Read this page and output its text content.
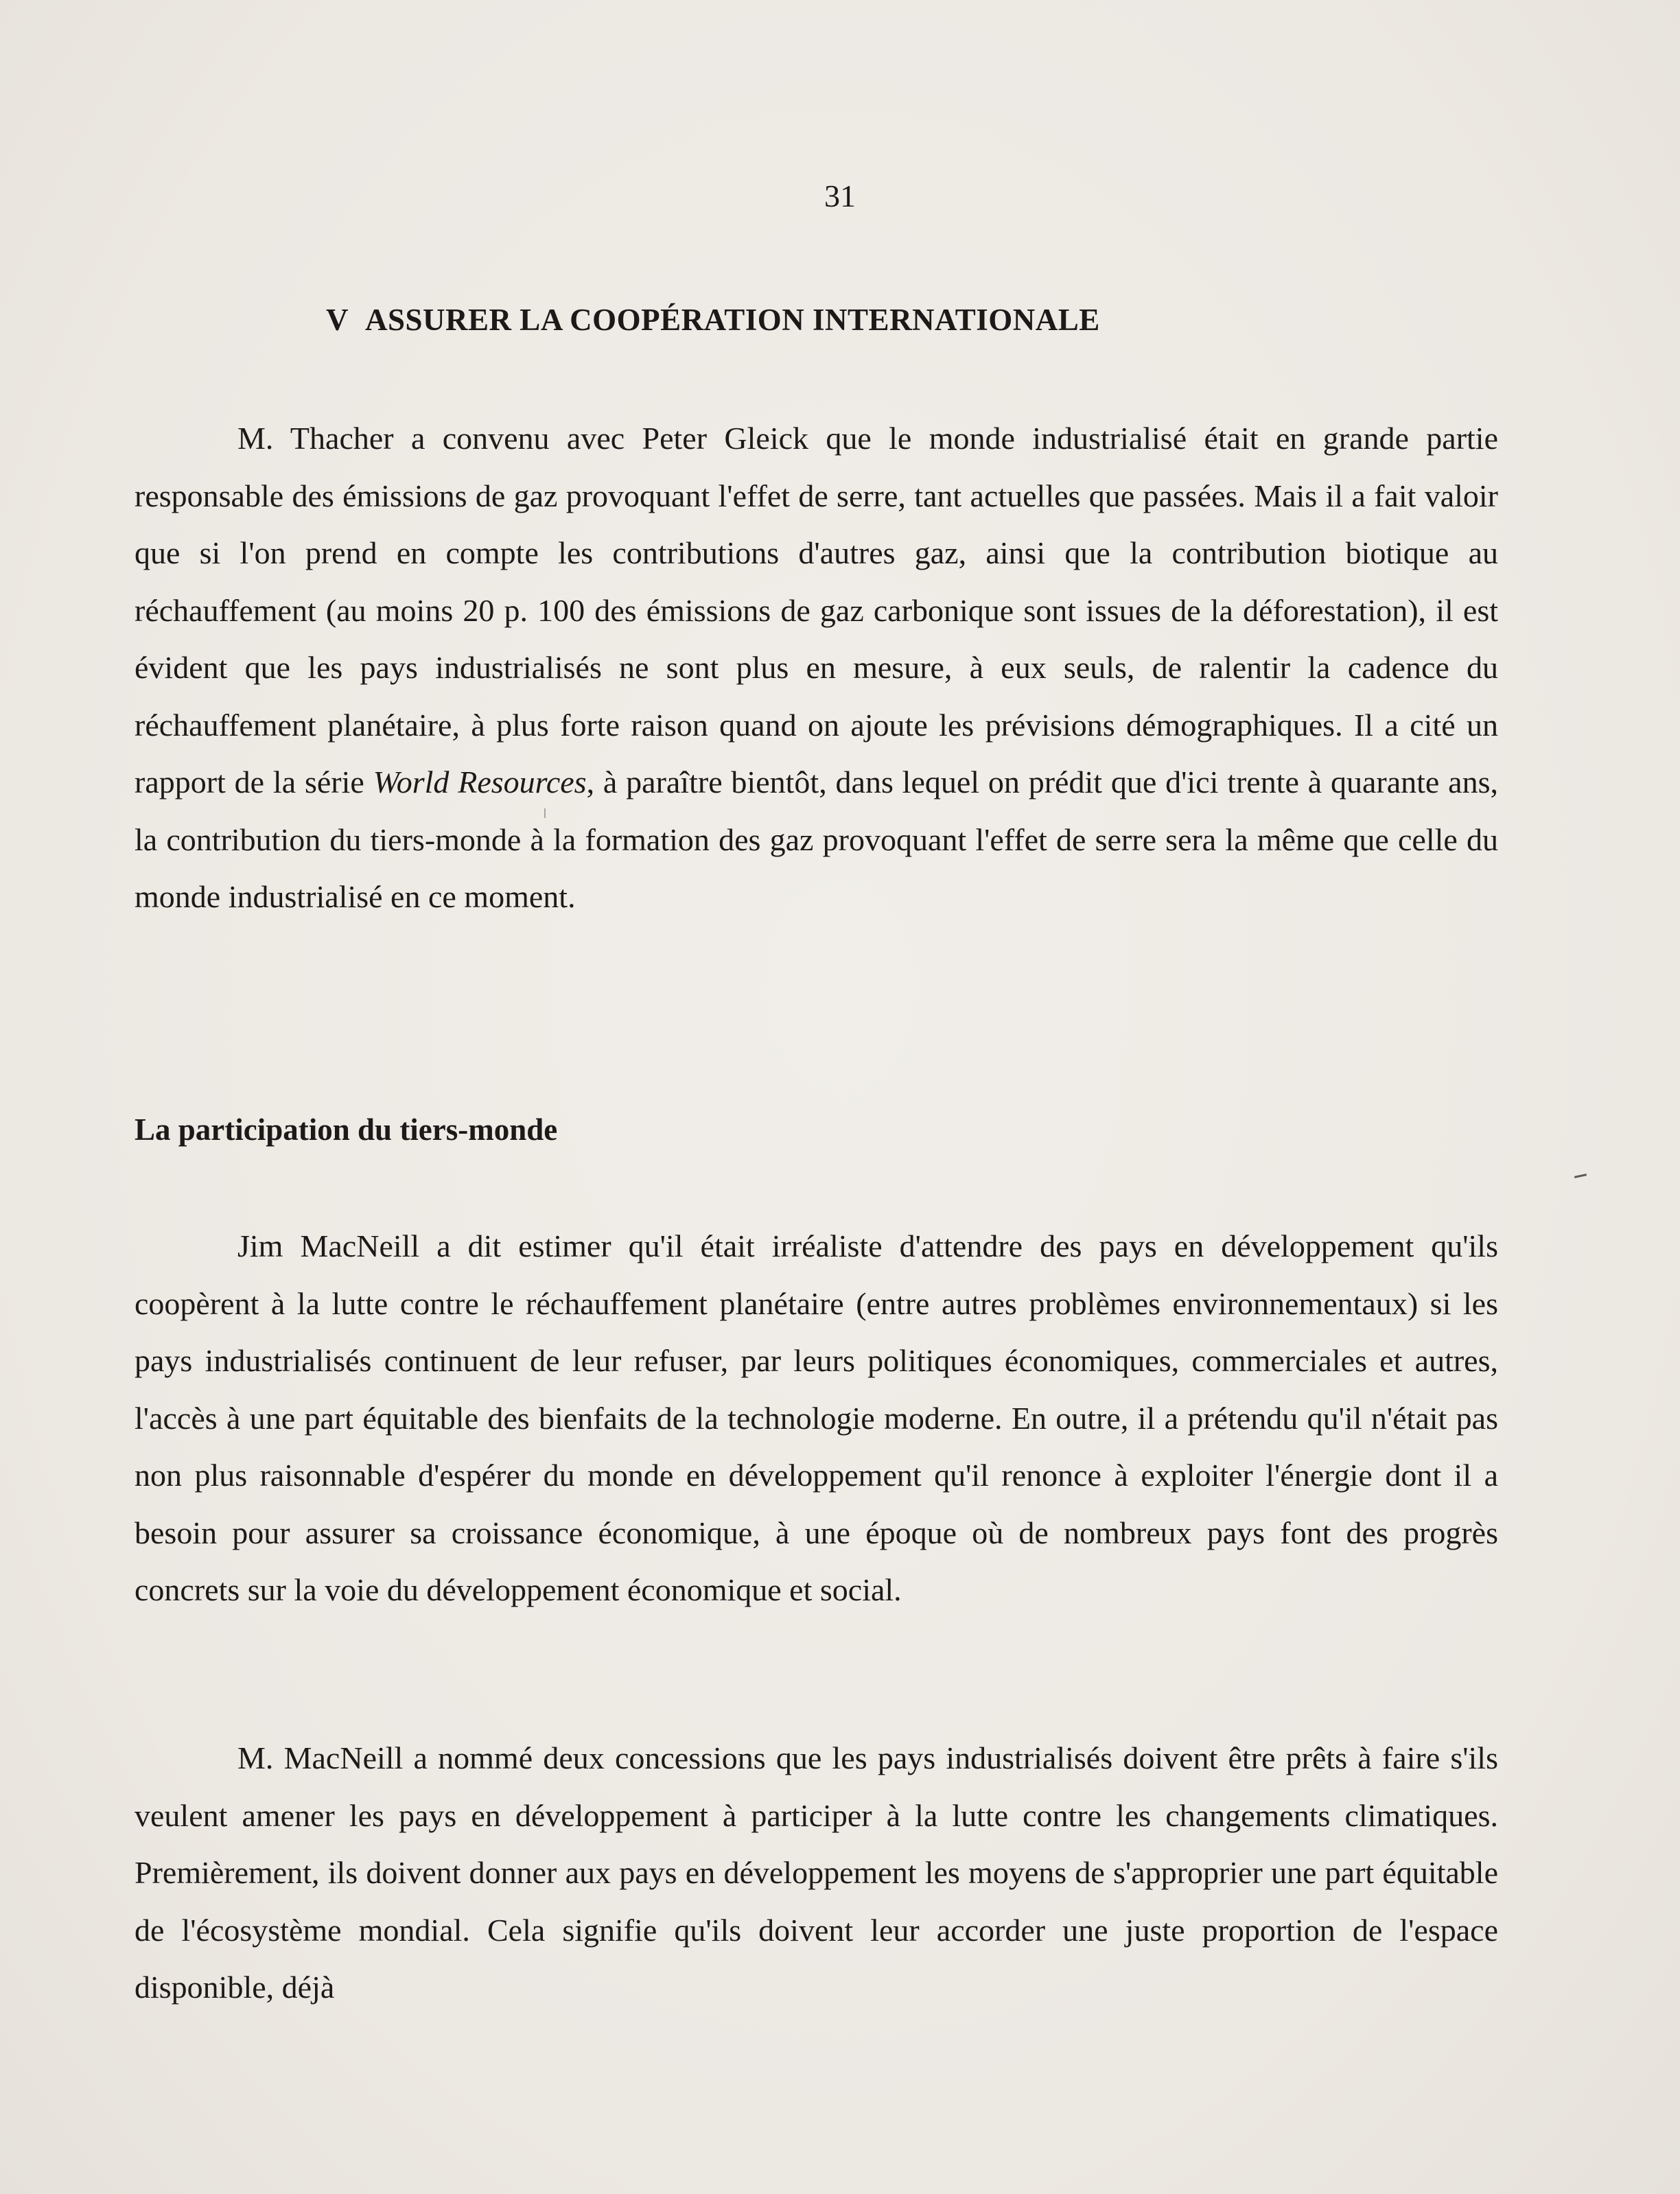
31
V ASSURER LA COOPÉRATION INTERNATIONALE
M. Thacher a convenu avec Peter Gleick que le monde industrialisé était en grande partie responsable des émissions de gaz provoquant l'effet de serre, tant actuelles que passées. Mais il a fait valoir que si l'on prend en compte les contributions d'autres gaz, ainsi que la contribution biotique au réchauffement (au moins 20 p. 100 des émissions de gaz carbonique sont issues de la déforestation), il est évident que les pays industrialisés ne sont plus en mesure, à eux seuls, de ralentir la cadence du réchauffement planétaire, à plus forte raison quand on ajoute les prévisions démographiques. Il a cité un rapport de la série World Resources, à paraître bientôt, dans lequel on prédit que d'ici trente à quarante ans, la contribution du tiers-monde à la formation des gaz provoquant l'effet de serre sera la même que celle du monde industrialisé en ce moment.
La participation du tiers-monde
Jim MacNeill a dit estimer qu'il était irréaliste d'attendre des pays en développement qu'ils coopèrent à la lutte contre le réchauffement planétaire (entre autres problèmes environnementaux) si les pays industrialisés continuent de leur refuser, par leurs politiques économiques, commerciales et autres, l'accès à une part équitable des bienfaits de la technologie moderne. En outre, il a prétendu qu'il n'était pas non plus raisonnable d'espérer du monde en développement qu'il renonce à exploiter l'énergie dont il a besoin pour assurer sa croissance économique, à une époque où de nombreux pays font des progrès concrets sur la voie du développement économique et social.
M. MacNeill a nommé deux concessions que les pays industrialisés doivent être prêts à faire s'ils veulent amener les pays en développement à participer à la lutte contre les changements climatiques. Premièrement, ils doivent donner aux pays en développement les moyens de s'approprier une part équitable de l'écosystème mondial. Cela signifie qu'ils doivent leur accorder une juste proportion de l'espace disponible, déjà
